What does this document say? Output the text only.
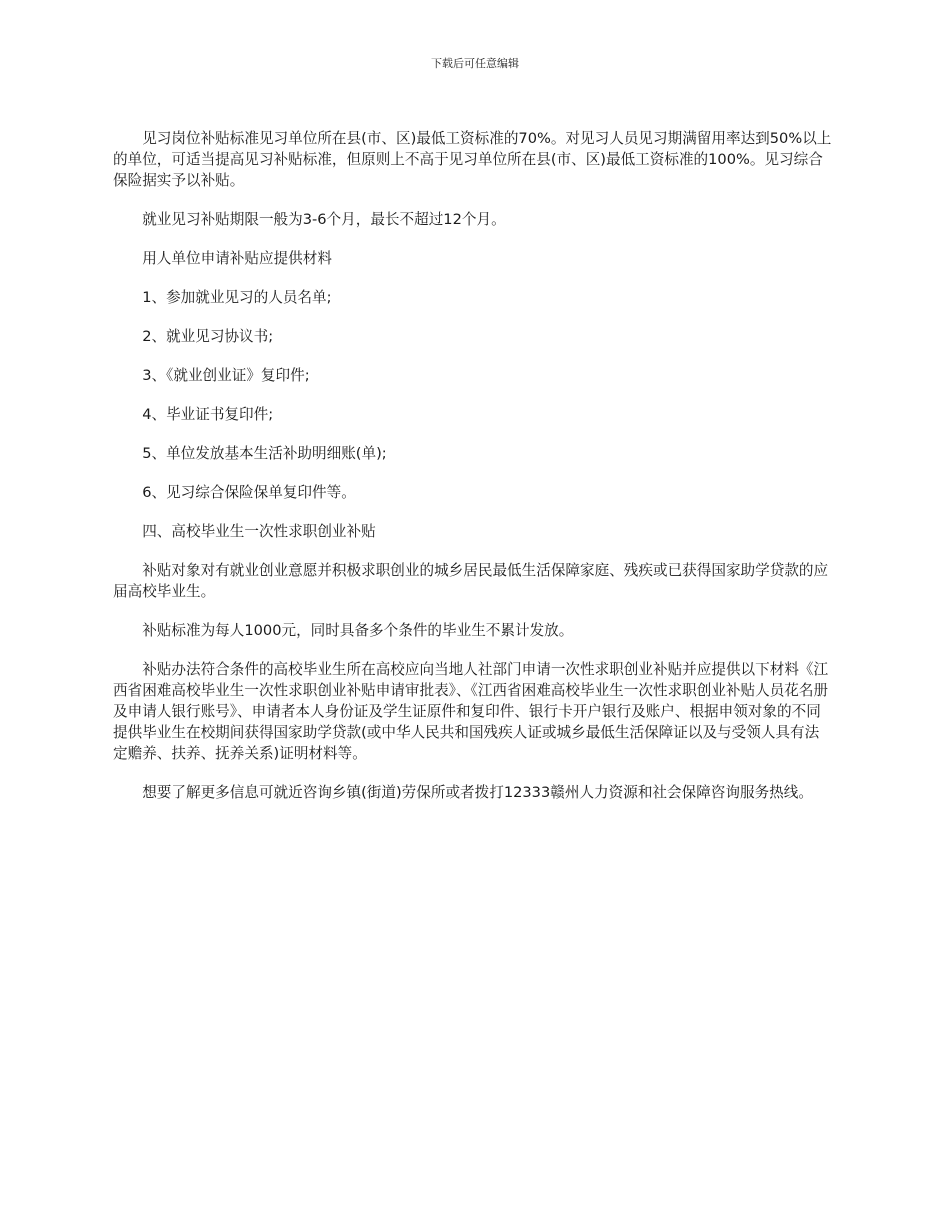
下载后可任意编辑

见习岗位补贴标准见习单位所在县(市、区)最低工资标准的70%。对见习人员见习期满留用率达到50%以上的单位，可适当提高见习补贴标准，但原则上不高于见习单位所在县(市、区)最低工资标准的100%。见习综合保险据实予以补贴。

就业见习补贴期限一般为3-6个月，最长不超过12个月。

用人单位申请补贴应提供材料

1、参加就业见习的人员名单;

2、就业见习协议书;

3、《就业创业证》复印件;

4、毕业证书复印件;

5、单位发放基本生活补助明细账(单);

6、见习综合保险保单复印件等。

四、高校毕业生一次性求职创业补贴

补贴对象对有就业创业意愿并积极求职创业的城乡居民最低生活保障家庭、残疾或已获得国家助学贷款的应届高校毕业生。

补贴标准为每人1000元，同时具备多个条件的毕业生不累计发放。

补贴办法符合条件的高校毕业生所在高校应向当地人社部门申请一次性求职创业补贴并应提供以下材料《江西省困难高校毕业生一次性求职创业补贴申请审批表》、《江西省困难高校毕业生一次性求职创业补贴人员花名册及申请人银行账号》、申请者本人身份证及学生证原件和复印件、银行卡开户银行及账户、根据申领对象的不同提供毕业生在校期间获得国家助学贷款(或中华人民共和国残疾人证或城乡最低生活保障证以及与受领人具有法定赡养、扶养、抚养关系)证明材料等。

想要了解更多信息可就近咨询乡镇(街道)劳保所或者拨打12333赣州人力资源和社会保障咨询服务热线。
